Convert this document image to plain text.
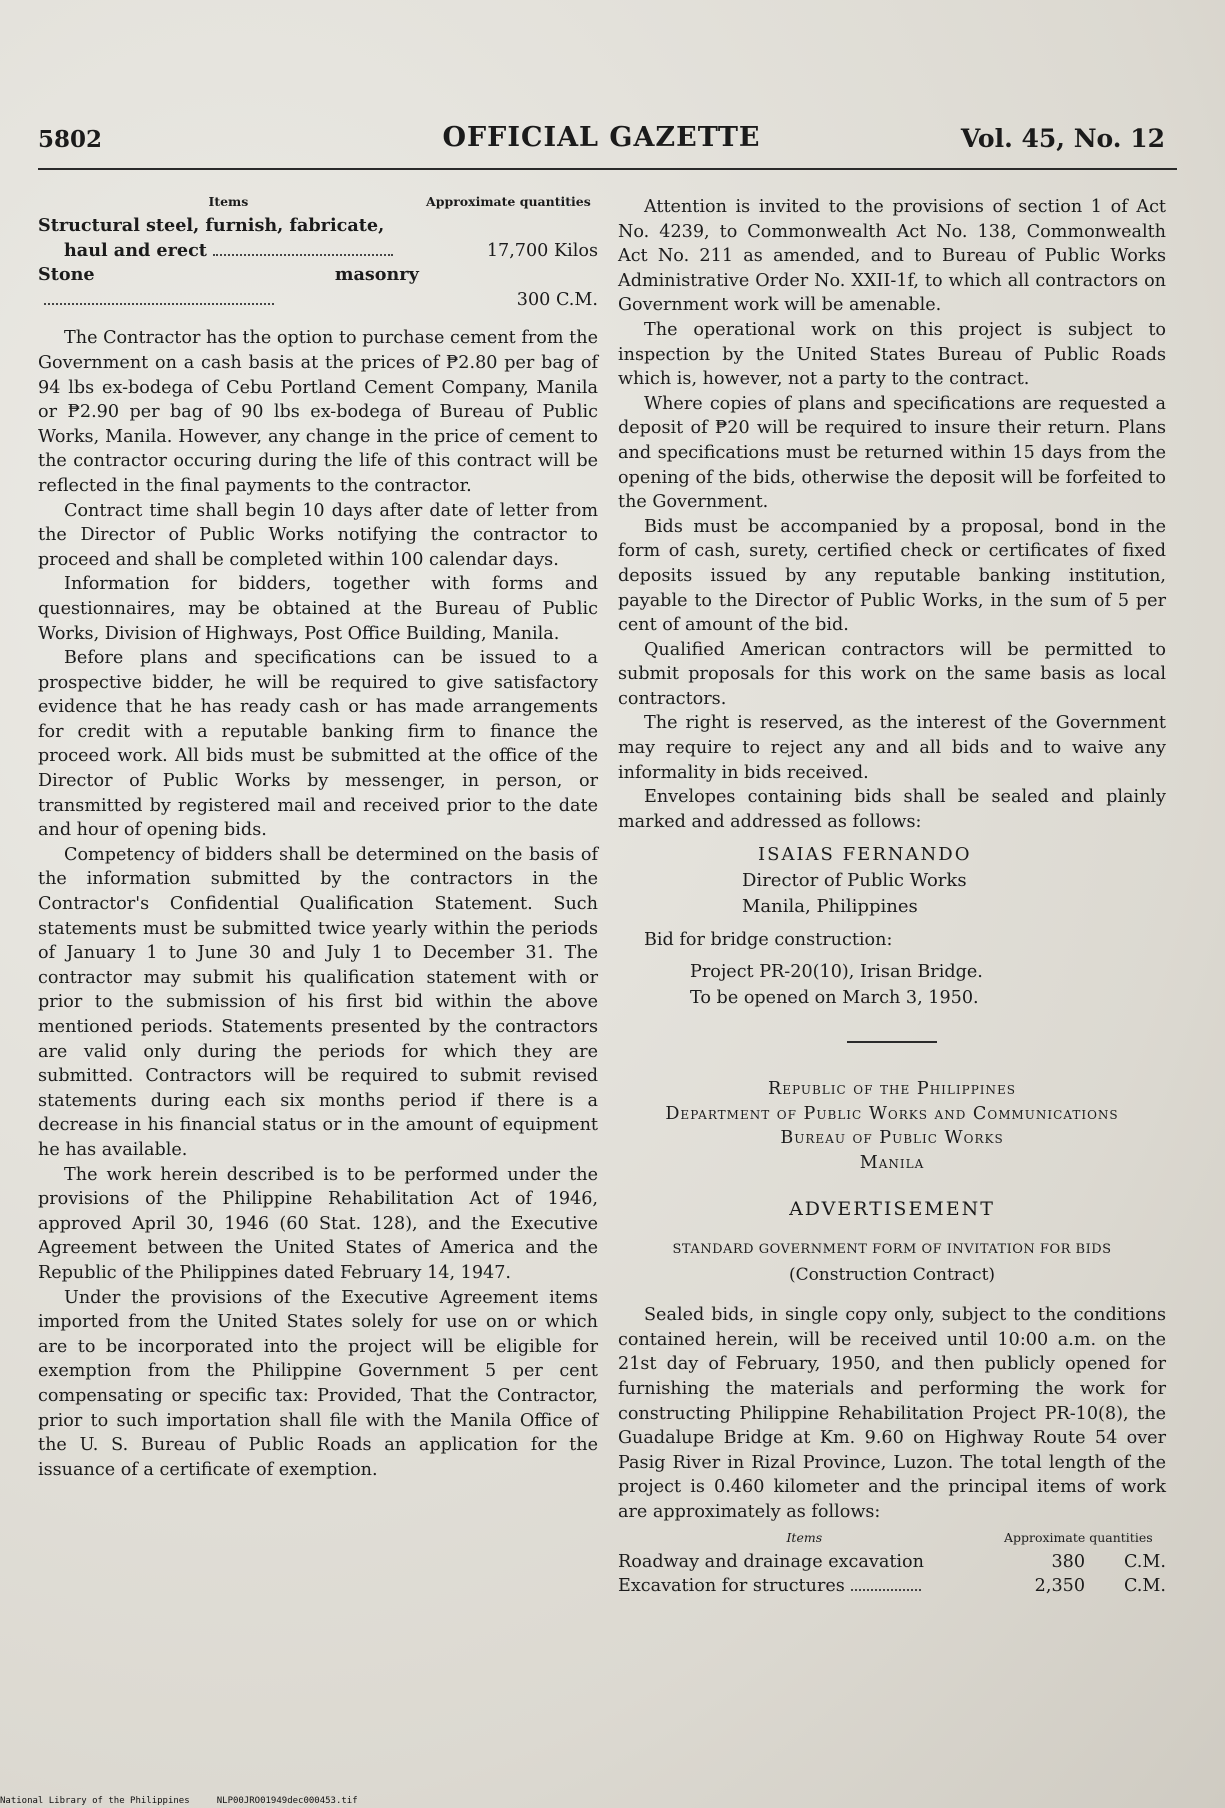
5802	OFFICIAL GAZETTE	Vol. 45, No. 12
Items	Approximate quantities
Structural steel, furnish, fabricate,	
haul and erect	17,700 Kilos
Stone masonry	300 C.M.

The Contractor has the option to purchase cement from the Government on a cash basis at the prices of ₱2.80 per bag of 94 lbs ex-bodega of Cebu Portland Cement Company, Manila or ₱2.90 per bag of 90 lbs ex-bodega of Bureau of Public Works, Manila. However, any change in the price of cement to the contractor occuring during the life of this contract will be reflected in the final payments to the contractor.

Contract time shall begin 10 days after date of letter from the Director of Public Works notifying the contractor to proceed and shall be completed within 100 calendar days.

Information for bidders, together with forms and questionnaires, may be obtained at the Bureau of Public Works, Division of Highways, Post Office Building, Manila.

Before plans and specifications can be issued to a prospective bidder, he will be required to give satisfactory evidence that he has ready cash or has made arrangements for credit with a reputable banking firm to finance the proceed work. All bids must be submitted at the office of the Director of Public Works by messenger, in person, or transmitted by registered mail and received prior to the date and hour of opening bids.

Competency of bidders shall be determined on the basis of the information submitted by the contractors in the Contractor's Confidential Qualification Statement. Such statements must be submitted twice yearly within the periods of January 1 to June 30 and July 1 to December 31. The contractor may submit his qualification statement with or prior to the submission of his first bid within the above mentioned periods. Statements presented by the contractors are valid only during the periods for which they are submitted. Contractors will be required to submit revised statements during each six months period if there is a decrease in his financial status or in the amount of equipment he has available.

The work herein described is to be performed under the provisions of the Philippine Rehabilitation Act of 1946, approved April 30, 1946 (60 Stat. 128), and the Executive Agreement between the United States of America and the Republic of the Philippines dated February 14, 1947.

Under the provisions of the Executive Agreement items imported from the United States solely for use on or which are to be incorporated into the project will be eligible for exemption from the Philippine Government 5 per cent compensating or specific tax: Provided, That the Contractor, prior to such importation shall file with the Manila Office of the U. S. Bureau of Public Roads an application for the issuance of a certificate of exemption.

Attention is invited to the provisions of section 1 of Act No. 4239, to Commonwealth Act No. 138, Commonwealth Act No. 211 as amended, and to Bureau of Public Works Administrative Order No. XXII-1f, to which all contractors on Government work will be amenable.

The operational work on this project is subject to inspection by the United States Bureau of Public Roads which is, however, not a party to the contract.

Where copies of plans and specifications are requested a deposit of ₱20 will be required to insure their return. Plans and specifications must be returned within 15 days from the opening of the bids, otherwise the deposit will be forfeited to the Government.

Bids must be accompanied by a proposal, bond in the form of cash, surety, certified check or certificates of fixed deposits issued by any reputable banking institution, payable to the Director of Public Works, in the sum of 5 per cent of amount of the bid.

Qualified American contractors will be permitted to submit proposals for this work on the same basis as local contractors.

The right is reserved, as the interest of the Government may require to reject any and all bids and to waive any informality in bids received.

Envelopes containing bids shall be sealed and plainly marked and addressed as follows:

ISAIAS FERNANDO
Director of Public Works
Manila, Philippines
Bid for bridge construction:
Project PR-20(10), Irisan Bridge.
To be opened on March 3, 1950.
Republic of the Philippines
Department of Public Works and Communications
Bureau of Public Works
Manila
ADVERTISEMENT
STANDARD GOVERNMENT FORM OF INVITATION FOR BIDS
(Construction Contract)

Sealed bids, in single copy only, subject to the conditions contained herein, will be received until 10:00 a.m. on the 21st day of February, 1950, and then publicly opened for furnishing the materials and performing the work for constructing Philippine Rehabilitation Project PR-10(8), the Guadalupe Bridge at Km. 9.60 on Highway Route 54 over Pasig River in Rizal Province, Luzon. The total length of the project is 0.460 kilometer and the principal items of work are approximately as follows:

Items	Approximate quantities	
Roadway and drainage excavation	380	C.M.
Excavation for structures	2,350	C.M.
National Library of the Philippines	NLP00JRO01949dec000453.tif
